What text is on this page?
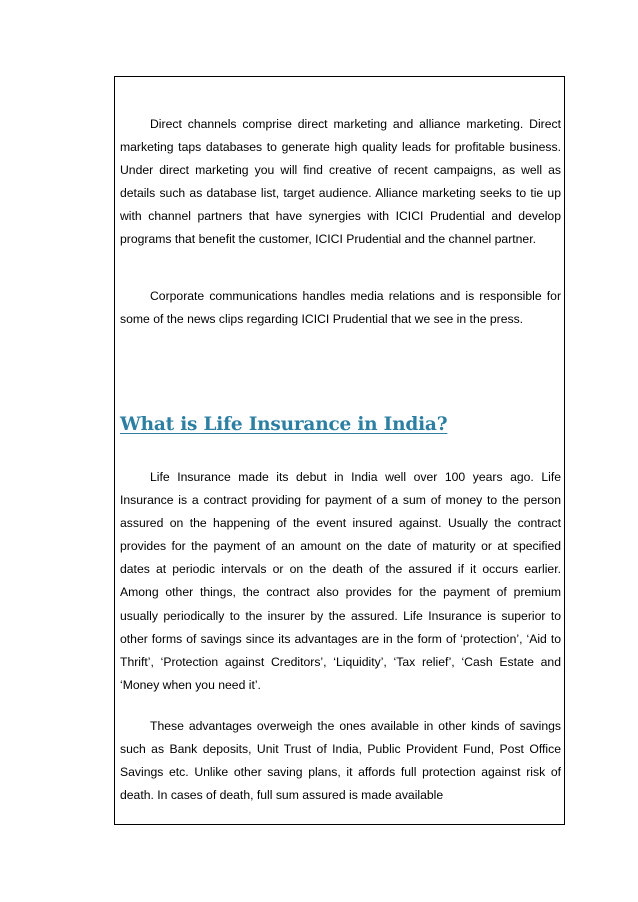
Direct channels comprise direct marketing and alliance marketing. Direct marketing taps databases to generate high quality leads for profitable business. Under direct marketing you will find creative of recent campaigns, as well as details such as database list, target audience. Alliance marketing seeks to tie up with channel partners that have synergies with ICICI Prudential and develop programs that benefit the customer, ICICI Prudential and the channel partner.

Corporate communications handles media relations and is responsible for some of the news clips regarding ICICI Prudential that we see in the press.

What is Life Insurance in India?

Life Insurance made its debut in India well over 100 years ago. Life Insurance is a contract providing for payment of a sum of money to the person assured on the happening of the event insured against. Usually the contract provides for the payment of an amount on the date of maturity or at specified dates at periodic intervals or on the death of the assured if it occurs earlier. Among other things, the contract also provides for the payment of premium usually periodically to the insurer by the assured. Life Insurance is superior to other forms of savings since its advantages are in the form of ‘protection’, ‘Aid to Thrift’, ‘Protection against Creditors’, ‘Liquidity’, ‘Tax relief’, ‘Cash Estate and ‘Money when you need it’.

These advantages overweigh the ones available in other kinds of savings such as Bank deposits, Unit Trust of India, Public Provident Fund, Post Office Savings etc. Unlike other saving plans, it affords full protection against risk of death. In cases of death, full sum assured is made available
